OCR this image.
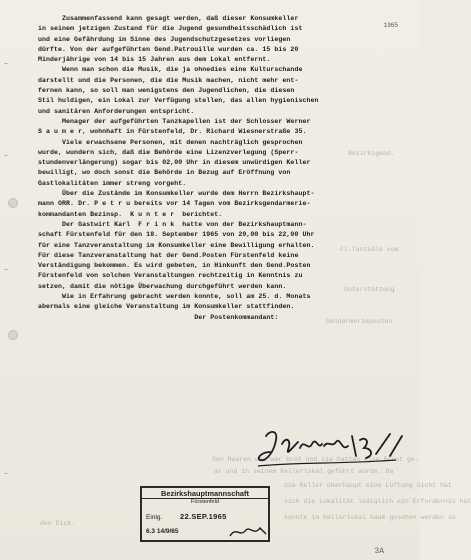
1965
–
–
–
–
Bezirksgend.
Fl-Tanzsäle vom
Unterstützung
Gendarmerieposten
Sen Haaren und war brot und sie hatten eine Brust ge-
ar und in seinem Kellerlokal geführt wurde. Da
die Keller überhaupt eine Lüftung nicht hat
sich die Lokalität lediglich ein Erfordernis hat
konnte im Kellerlokal kaum gesehen werden so
den Dick.

Zusammenfassend kann gesagt werden, daß dieser Konsumkeller

in seinem jetzigen Zustand für die Jugend gesundheitsschädlich ist

und eine Gefährdung im Sinne des Jugendschutzgesetzes vorliegen

dürfte. Von der aufgeführten Gend.Patrouille wurden ca. 15 bis 20

Minderjährige von 14 bis 15 Jahren aus dem Lokal entfernt.

Wenn man schon die Musik, die ja ohnedies eine Kulturschande

darstellt und die Personen, die die Musik machen, nicht mehr ent-

fernen kann, so soll man wenigstens den Jugendlichen, die diesen

Stil huldigen, ein Lokal zur Verfügung stellen, das allen hygienischen

und sanitären Anforderungen entspricht.

Menager der aufgeführten Tanzkapellen ist der Schlosser Werner

S a u m e r, wohnhaft in Fürstenfeld, Dr. Richard Wiesnerstraße 35.

Viele erwachsene Personen, mit denen nachträglich gesprochen

wurde, wundern sich, daß die Behörde eine Lizenzverlegung (Sperr-

stundenverlängerung) sogar bis 02,00 Uhr in diesem unwürdigen Keller

bewilligt, wo doch sonst die Behörde in Bezug auf Eröffnung von

Gastlokalitäten immer streng vorgeht.

Über die Zustände im Konsumkeller wurde dem Herrn Bezirkshaupt-

mann ORR. Dr. P e t r u bereits vor 14 Tagen vom Bezirksgendarmerie-

kommandanten Bezinsp.  K u n t e r  berichtet.

Der Gastwirt Karl  F r i n k  hatte von der Bezirkshauptmann-

schaft Fürstenfeld für den 18. September 1965 von 20,00 bis 22,00 Uhr

für eine Tanzveranstaltung im Konsumkeller eine Bewilligung erhalten.

Für diese Tanzveranstaltung hat der Gend.Posten Fürstenfeld keine

Verständigung bekommen. Es wird gebeten, in Hinkunft den Gend.Posten

Fürstenfeld von solchen Veranstaltungen rechtzeitig in Kenntnis zu

setzen, damit die nötige Überwachung durchgeführt werden kann.

Wie in Erfahrung gebracht werden konnte, soll am 25. d. Monats

abermals eine gleiche Veranstaltung im Konsumkeller stattfinden.

Der Postenkommandant:

Bezirkshauptmannschaft
Fürstenfeld
Einlg. 22.SEP.1965
6.3 14/9/65
3A
